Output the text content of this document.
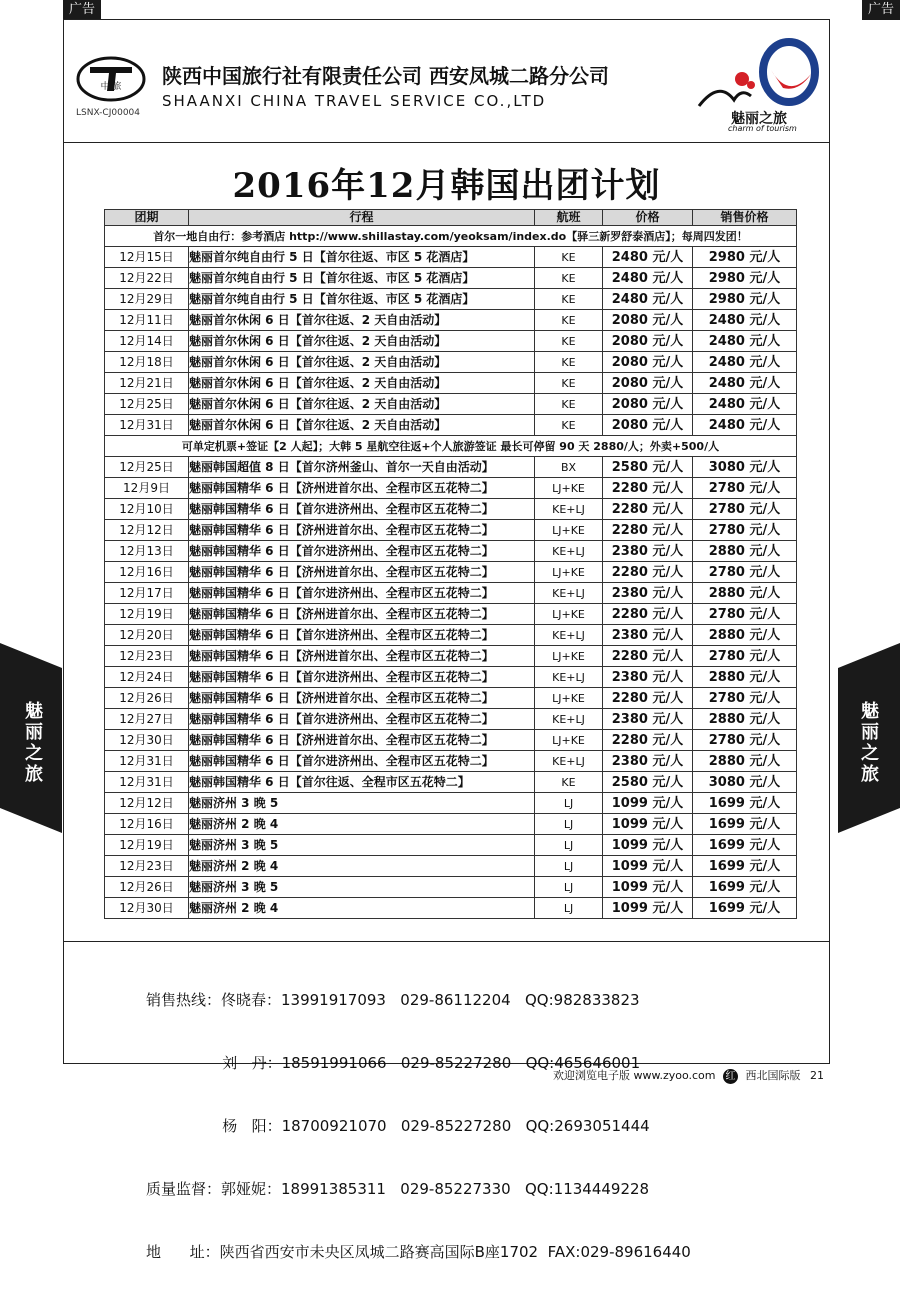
广告	广告
魅
丽
之
旅
魅
丽
之
旅
中 旅
LSNX-CJ00004
陕西中国旅行社有限责任公司 西安凤城二路分公司
SHAANXI CHINA TRAVEL SERVICE CO.,LTD
魅丽之旅
charm of tourism
2016年12月韩国出团计划
团期	行程	航班	价格	销售价格
首尔一地自由行：参考酒店 http://www.shillastay.com/yeoksam/index.do【驿三新罗舒泰酒店】；每周四发团！				
12月15日	魅丽首尔纯自由行 5 日【首尔往返、市区 5 花酒店】	KE	2480 元/人	2980 元/人
12月22日	魅丽首尔纯自由行 5 日【首尔往返、市区 5 花酒店】	KE	2480 元/人	2980 元/人
12月29日	魅丽首尔纯自由行 5 日【首尔往返、市区 5 花酒店】	KE	2480 元/人	2980 元/人
12月11日	魅丽首尔休闲 6 日【首尔往返、2 天自由活动】	KE	2080 元/人	2480 元/人
12月14日	魅丽首尔休闲 6 日【首尔往返、2 天自由活动】	KE	2080 元/人	2480 元/人
12月18日	魅丽首尔休闲 6 日【首尔往返、2 天自由活动】	KE	2080 元/人	2480 元/人
12月21日	魅丽首尔休闲 6 日【首尔往返、2 天自由活动】	KE	2080 元/人	2480 元/人
12月25日	魅丽首尔休闲 6 日【首尔往返、2 天自由活动】	KE	2080 元/人	2480 元/人
12月31日	魅丽首尔休闲 6 日【首尔往返、2 天自由活动】	KE	2080 元/人	2480 元/人
可单定机票+签证【2 人起】；大韩 5 星航空往返+个人旅游签证 最长可停留 90 天 2880/人；外卖+500/人				
12月25日	魅丽韩国超值 8 日【首尔济州釜山、首尔一天自由活动】	BX	2580 元/人	3080 元/人
12月9日	魅丽韩国精华 6 日【济州进首尔出、全程市区五花特二】	LJ+KE	2280 元/人	2780 元/人
12月10日	魅丽韩国精华 6 日【首尔进济州出、全程市区五花特二】	KE+LJ	2280 元/人	2780 元/人
12月12日	魅丽韩国精华 6 日【济州进首尔出、全程市区五花特二】	LJ+KE	2280 元/人	2780 元/人
12月13日	魅丽韩国精华 6 日【首尔进济州出、全程市区五花特二】	KE+LJ	2380 元/人	2880 元/人
12月16日	魅丽韩国精华 6 日【济州进首尔出、全程市区五花特二】	LJ+KE	2280 元/人	2780 元/人
12月17日	魅丽韩国精华 6 日【首尔进济州出、全程市区五花特二】	KE+LJ	2380 元/人	2880 元/人
12月19日	魅丽韩国精华 6 日【济州进首尔出、全程市区五花特二】	LJ+KE	2280 元/人	2780 元/人
12月20日	魅丽韩国精华 6 日【首尔进济州出、全程市区五花特二】	KE+LJ	2380 元/人	2880 元/人
12月23日	魅丽韩国精华 6 日【济州进首尔出、全程市区五花特二】	LJ+KE	2280 元/人	2780 元/人
12月24日	魅丽韩国精华 6 日【首尔进济州出、全程市区五花特二】	KE+LJ	2380 元/人	2880 元/人
12月26日	魅丽韩国精华 6 日【济州进首尔出、全程市区五花特二】	LJ+KE	2280 元/人	2780 元/人
12月27日	魅丽韩国精华 6 日【首尔进济州出、全程市区五花特二】	KE+LJ	2380 元/人	2880 元/人
12月30日	魅丽韩国精华 6 日【济州进首尔出、全程市区五花特二】	LJ+KE	2280 元/人	2780 元/人
12月31日	魅丽韩国精华 6 日【首尔进济州出、全程市区五花特二】	KE+LJ	2380 元/人	2880 元/人
12月31日	魅丽韩国精华 6 日【首尔往返、全程市区五花特二】	KE	2580 元/人	3080 元/人
12月12日	魅丽济州 3 晚 5	LJ	1099 元/人	1699 元/人
12月16日	魅丽济州 2 晚 4	LJ	1099 元/人	1699 元/人
12月19日	魅丽济州 3 晚 5	LJ	1099 元/人	1699 元/人
12月23日	魅丽济州 2 晚 4	LJ	1099 元/人	1699 元/人
12月26日	魅丽济州 3 晚 5	LJ	1099 元/人	1699 元/人
12月30日	魅丽济州 2 晚 4	LJ	1099 元/人	1699 元/人

销售热线：佟晓春：13991917093   029-86112204   QQ:982833823

刘   丹：18591991066   029-85227280   QQ:465646001

杨   阳：18700921070   029-85227280   QQ:2693051444

质量监督：郭娅妮：18991385311   029-85227330   QQ:1134449228

地      址：陕西省西安市未央区凤城二路赛高国际B座1702  FAX:029-89616440

欢迎浏览电子版 www.zyoo.com 红 西北国际版 21
